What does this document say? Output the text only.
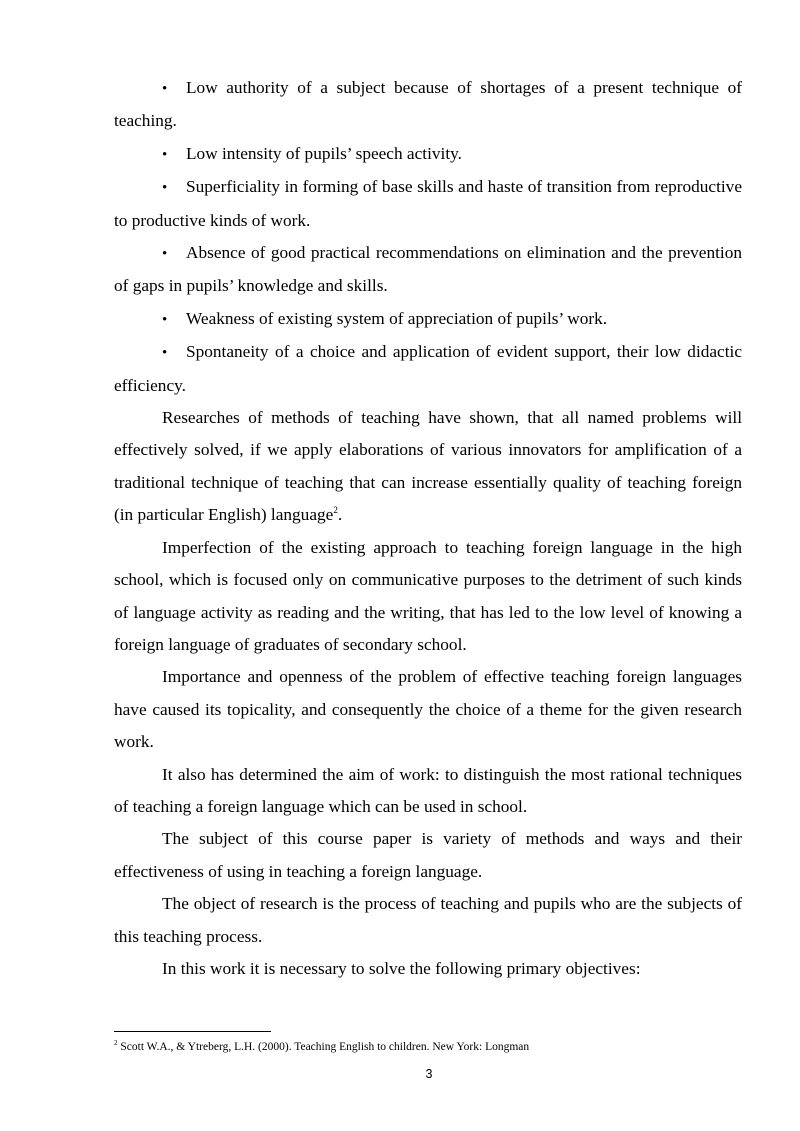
• Low authority of a subject because of shortages of a present technique of teaching.

• Low intensity of pupils’ speech activity.

• Superficiality in forming of base skills and haste of transition from reproductive to productive kinds of work.

• Absence of good practical recommendations on elimination and the prevention of gaps in pupils’ knowledge and skills.

• Weakness of existing system of appreciation of pupils’ work.

• Spontaneity of a choice and application of evident support, their low didactic efficiency.

Researches of methods of teaching have shown, that all named problems will effectively solved, if we apply elaborations of various innovators for amplification of a traditional technique of teaching that can increase essentially quality of teaching foreign (in particular English) language$^2$.

Imperfection of the existing approach to teaching foreign language in the high school, which is focused only on communicative purposes to the detriment of such kinds of language activity as reading and the writing, that has led to the low level of knowing a foreign language of graduates of secondary school.

Importance and openness of the problem of effective teaching foreign languages have caused its topicality, and consequently the choice of a theme for the given research work.

It also has determined the aim of work: to distinguish the most rational techniques of teaching a foreign language which can be used in school.

The subject of this course paper is variety of methods and ways and their effectiveness of using in teaching a foreign language.

The object of research is the process of teaching and pupils who are the subjects of this teaching process.

In this work it is necessary to solve the following primary objectives:

$^2$ Scott W.A., & Ytreberg, L.H. (2000). Teaching English to children. New York: Longman
3
